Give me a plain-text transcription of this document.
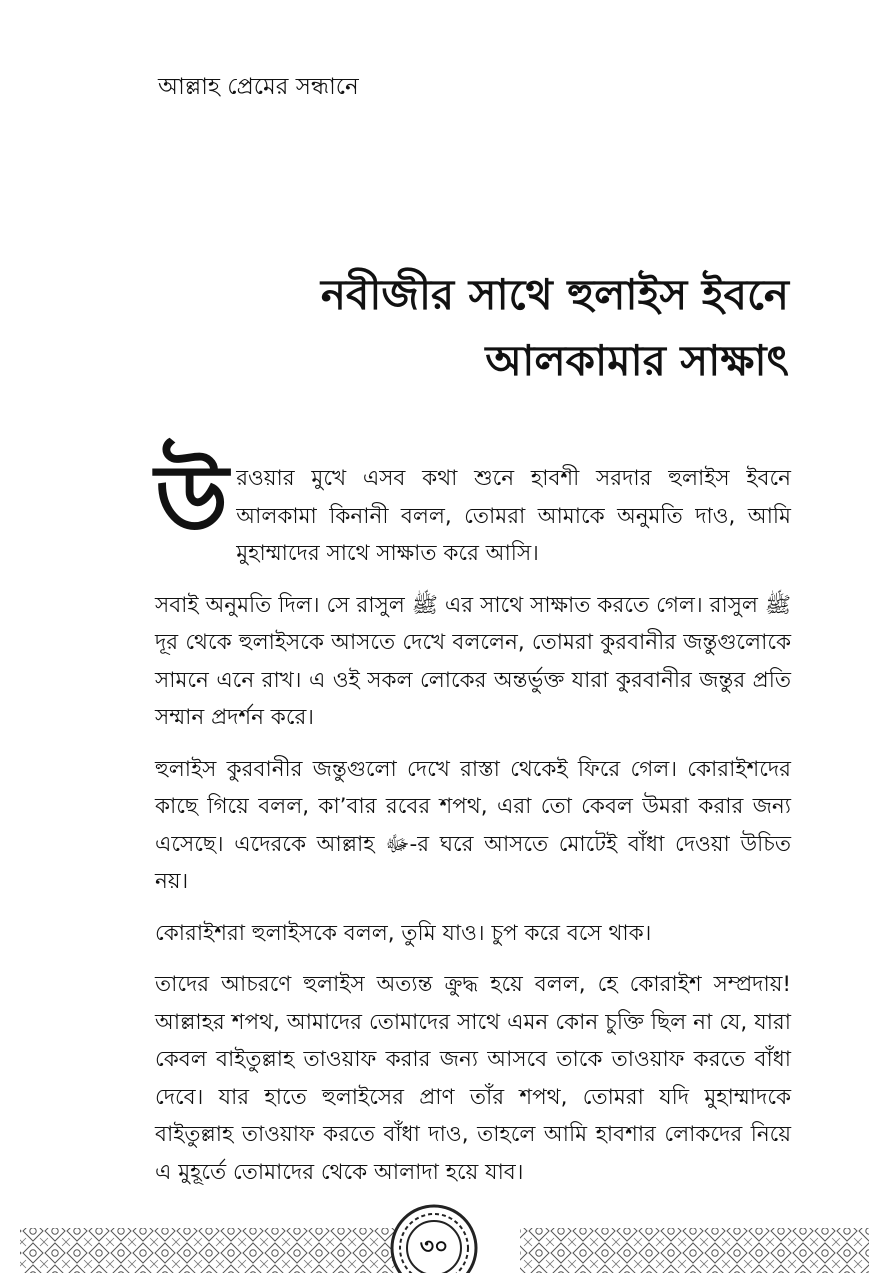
আল্লাহ প্রেমের সন্ধানে
নবীজীর সাথে হুলাইস ইবনে
আলকামার সাক্ষাৎ

উ রওয়ার মুখে এসব কথা শুনে হাবশী সরদার হুলাইস ইবনে আলকামা কিনানী বলল, তোমরা আমাকে অনুমতি দাও, আমি মুহাম্মাদের সাথে সাক্ষাত করে আসি।

সবাই অনুমতি দিল। সে রাসুল ﷺ এর সাথে সাক্ষাত করতে গেল। রাসুল ﷺ দূর থেকে হুলাইসকে আসতে দেখে বললেন, তোমরা কুরবানীর জন্তুগুলোকে সামনে এনে রাখ। এ ওই সকল লোকের অন্তর্ভুক্ত যারা কুরবানীর জন্তুর প্রতি সম্মান প্রদর্শন করে।

হুলাইস কুরবানীর জন্তুগুলো দেখে রাস্তা থেকেই ফিরে গেল। কোরাইশদের কাছে গিয়ে বলল, কা’বার রবের শপথ, এরা তো কেবল উমরা করার জন্য এসেছে। এদেরকে আল্লাহ ﷻ-র ঘরে আসতে মোটেই বাঁধা দেওয়া উচিত নয়।

কোরাইশরা হুলাইসকে বলল, তুমি যাও। চুপ করে বসে থাক।

তাদের আচরণে হুলাইস অত্যন্ত ক্রুদ্ধ হয়ে বলল, হে কোরাইশ সম্প্রদায়! আল্লাহর শপথ, আমাদের তোমাদের সাথে এমন কোন চুক্তি ছিল না যে, যারা কেবল বাইতুল্লাহ তাওয়াফ করার জন্য আসবে তাকে তাওয়াফ করতে বাঁধা দেবে। যার হাতে হুলাইসের প্রাণ তাঁর শপথ, তোমরা যদি মুহাম্মাদকে বাইতুল্লাহ তাওয়াফ করতে বাঁধা দাও, তাহলে আমি হাবশার লোকদের নিয়ে এ মুহূর্তে তোমাদের থেকে আলাদা হয়ে যাব।

৩০
